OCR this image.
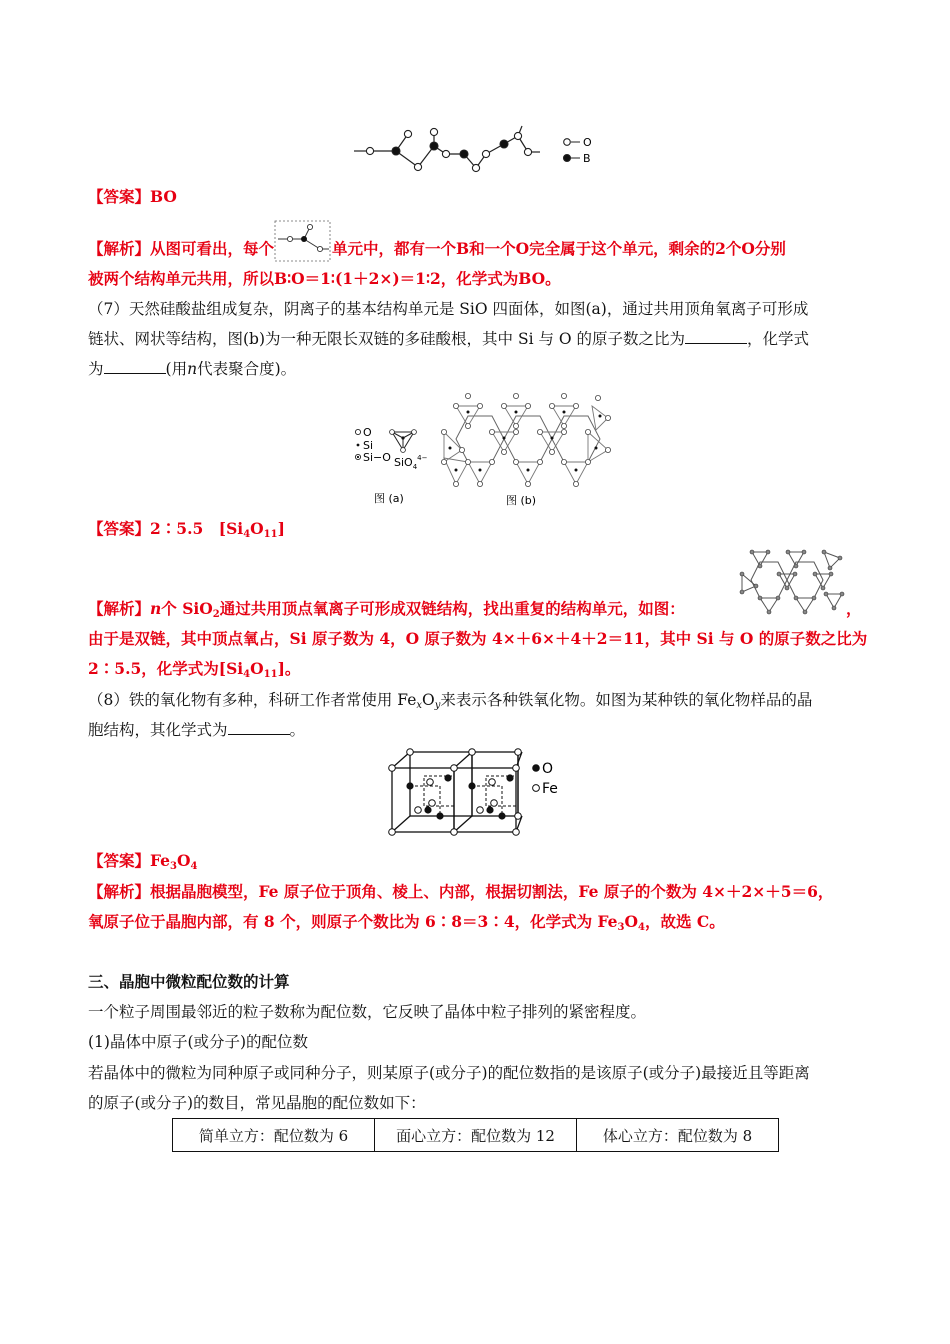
O
B
【答案】BO
【解析】从图可看出，每个	单元中，都有一个B和一个O完全属于这个单元，剩余的2个O分别
被两个结构单元共用，所以B∶O＝1∶(1＋2×)＝1∶2，化学式为BO。
（7）天然硅酸盐组成复杂，阴离子的基本结构单元是 SiO 四面体，如图(a)，通过共用顶角氧离子可形成
链状、网状等结构，图(b)为一种无限长双链的多硅酸根，其中 Si 与 O 的原子数之比为	，化学式
为	(用n代表聚合度)。
O
Si
Si−O SiO$_4^{4-}$
图 (a)	图 (b)
【答案】2∶5.5　$[Si_4O_{11}]$
【解析】n个 SiO$_2$通过共用顶点氧离子可形成双链结构，找出重复的结构单元，如图：	，
由于是双链，其中顶点氧占，Si 原子数为 4，O 原子数为 4×＋6×＋4＋2＝11，其中 Si 与 O 的原子数之比为
2∶5.5，化学式为$[Si_4O_{11}]$。
（8）铁的氧化物有多种，科研工作者常使用 $Fe_xO_y$来表示各种铁氧化物。如图为某种铁的氧化物样品的晶
胞结构，其化学式为	。
O
Fe
【答案】$Fe_3O_4$
【解析】根据晶胞模型，Fe 原子位于顶角、棱上、内部，根据切割法，Fe 原子的个数为 4×＋2×＋5＝6，
氧原子位于晶胞内部，有 8 个，则原子个数比为 6∶8＝3∶4，化学式为 $Fe_3O_4$，故选 C。
三、晶胞中微粒配位数的计算
一个粒子周围最邻近的粒子数称为配位数，它反映了晶体中粒子排列的紧密程度。
(1)晶体中原子(或分子)的配位数
若晶体中的微粒为同种原子或同种分子，则某原子(或分子)的配位数指的是该原子(或分子)最接近且等距离
的原子(或分子)的数目，常见晶胞的配位数如下：
简单立方：配位数为 6	面心立方：配位数为 12	体心立方：配位数为 8
